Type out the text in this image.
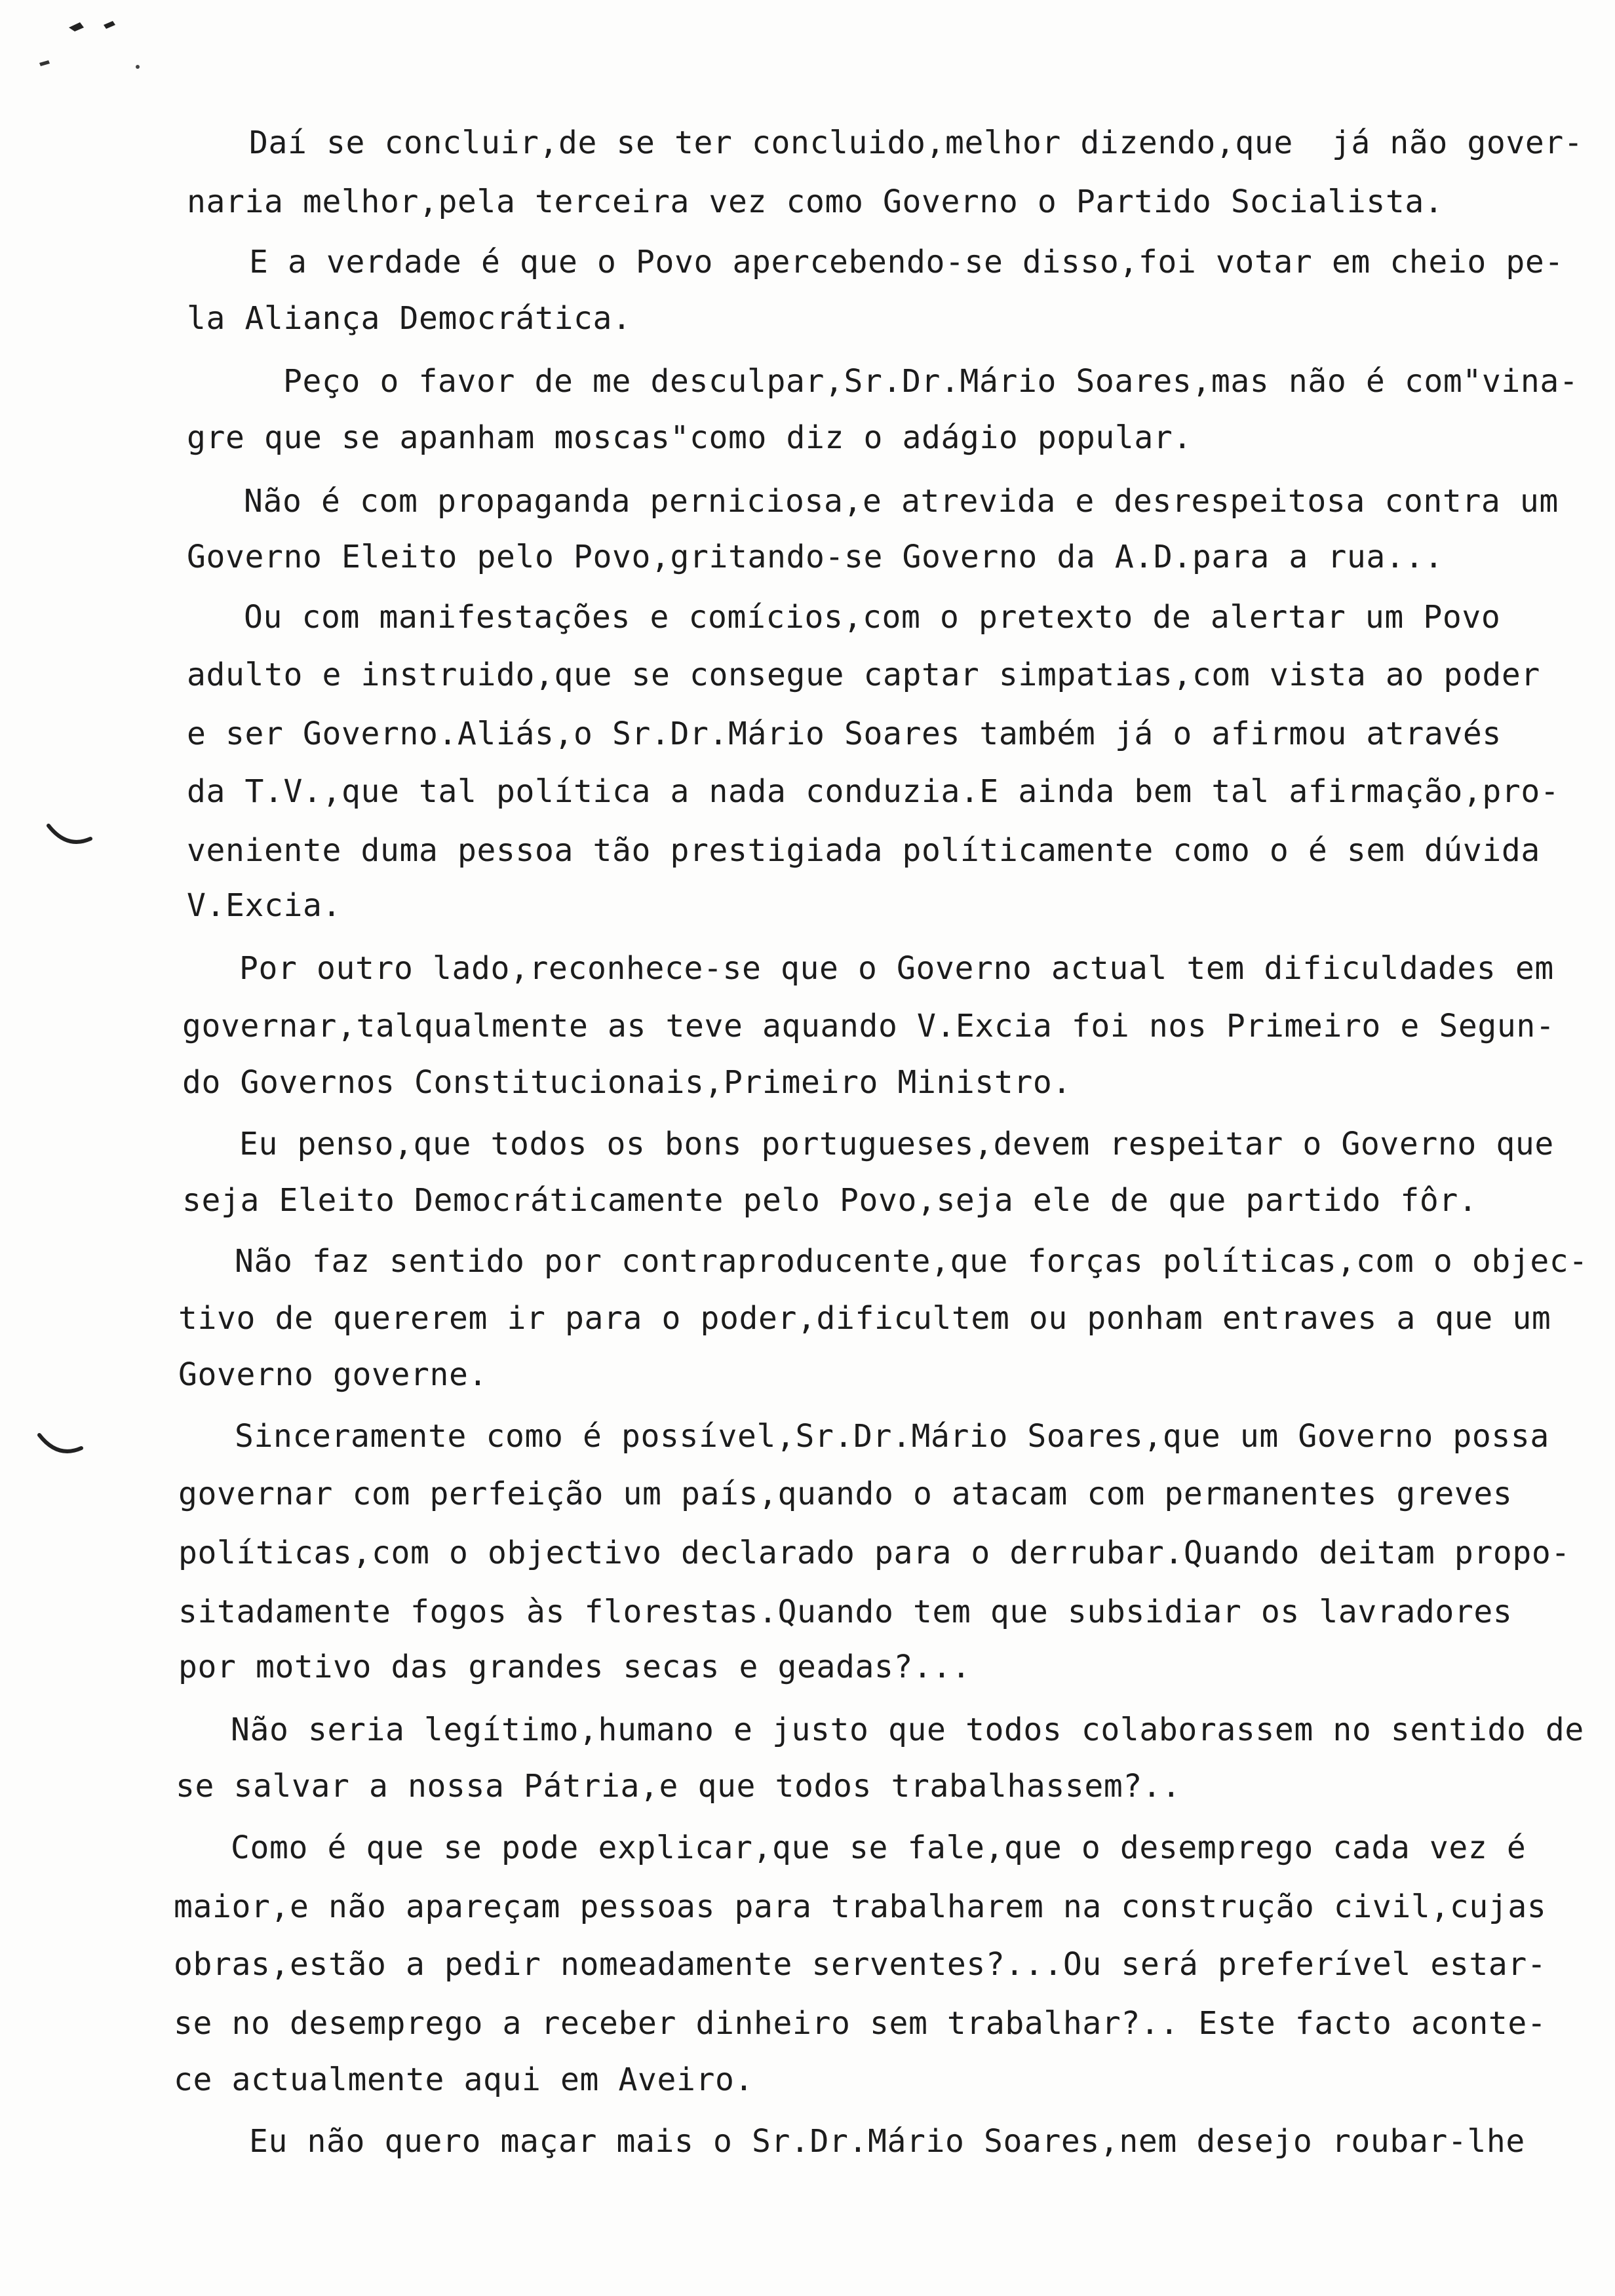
Daí se concluir,de se ter concluido,melhor dizendo,que  já não gover-
naria melhor,pela terceira vez como Governo o Partido Socialista.
E a verdade é que o Povo apercebendo-se disso,foi votar em cheio pe-
la Aliança Democrática.
Peço o favor de me desculpar,Sr.Dr.Mário Soares,mas não é com"vina-
gre que se apanham moscas"como diz o adágio popular.
Não é com propaganda perniciosa,e atrevida e desrespeitosa contra um
Governo Eleito pelo Povo,gritando-se Governo da A.D.para a rua...
Ou com manifestações e comícios,com o pretexto de alertar um Povo
adulto e instruido,que se consegue captar simpatias,com vista ao poder
e ser Governo.Aliás,o Sr.Dr.Mário Soares também já o afirmou através
da T.V.,que tal política a nada conduzia.E ainda bem tal afirmação,pro-
veniente duma pessoa tão prestigiada políticamente como o é sem dúvida
V.Excia.
Por outro lado,reconhece-se que o Governo actual tem dificuldades em
governar,talqualmente as teve aquando V.Excia foi nos Primeiro e Segun-
do Governos Constitucionais,Primeiro Ministro.
Eu penso,que todos os bons portugueses,devem respeitar o Governo que
seja Eleito Democráticamente pelo Povo,seja ele de que partido fôr.
Não faz sentido por contraproducente,que forças políticas,com o objec-
tivo de quererem ir para o poder,dificultem ou ponham entraves a que um
Governo governe.
Sinceramente como é possível,Sr.Dr.Mário Soares,que um Governo possa
governar com perfeição um país,quando o atacam com permanentes greves
políticas,com o objectivo declarado para o derrubar.Quando deitam propo-
sitadamente fogos às florestas.Quando tem que subsidiar os lavradores
por motivo das grandes secas e geadas?...
Não seria legítimo,humano e justo que todos colaborassem no sentido de
se salvar a nossa Pátria,e que todos trabalhassem?..
Como é que se pode explicar,que se fale,que o desemprego cada vez é
maior,e não apareçam pessoas para trabalharem na construção civil,cujas
obras,estão a pedir nomeadamente serventes?...Ou será preferível estar-
se no desemprego a receber dinheiro sem trabalhar?.. Este facto aconte-
ce actualmente aqui em Aveiro.
Eu não quero maçar mais o Sr.Dr.Mário Soares,nem desejo roubar-lhe
